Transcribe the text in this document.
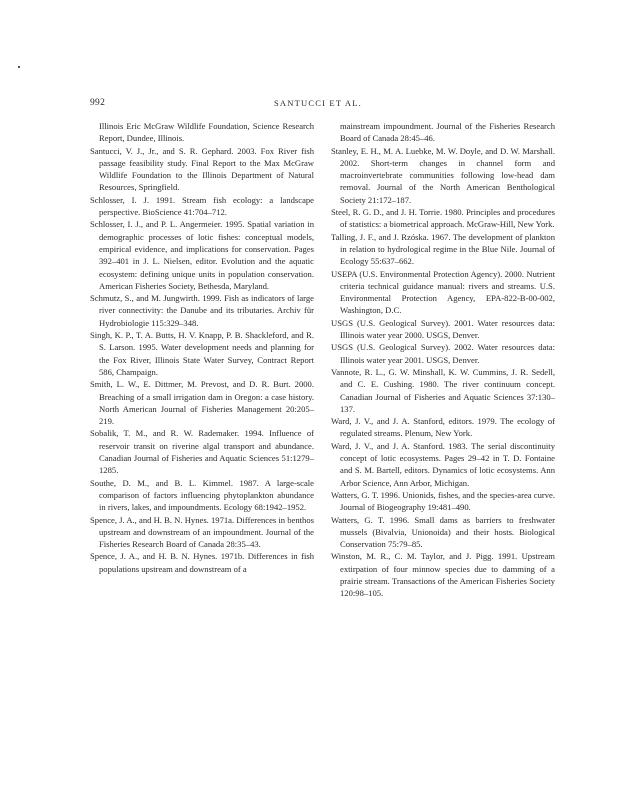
992	SANTUCCI ET AL.

Illinois Eric McGraw Wildlife Foundation, Science Research Report, Dundee, Illinois.

Santucci, V. J., Jr., and S. R. Gephard. 2003. Fox River fish passage feasibility study. Final Report to the Max McGraw Wildlife Foundation to the Illinois Department of Natural Resources, Springfield.

Schlosser, I. J. 1991. Stream fish ecology: a landscape perspective. BioScience 41:704–712.

Schlosser, I. J., and P. L. Angermeier. 1995. Spatial variation in demographic processes of lotic fishes: conceptual models, empirical evidence, and implications for conservation. Pages 392–401 in J. L. Nielsen, editor. Evolution and the aquatic ecosystem: defining unique units in population conservation. American Fisheries Society, Bethesda, Maryland.

Schmutz, S., and M. Jungwirth. 1999. Fish as indicators of large river connectivity: the Danube and its tributaries. Archiv für Hydrobiologie 115:329–348.

Singh, K. P., T. A. Butts, H. V. Knapp, P. B. Shackleford, and R. S. Larson. 1995. Water development needs and planning for the Fox River, Illinois State Water Survey, Contract Report 586, Champaign.

Smith, L. W., E. Dittmer, M. Prevost, and D. R. Burt. 2000. Breaching of a small irrigation dam in Oregon: a case history. North American Journal of Fisheries Management 20:205–219.

Sobalik, T. M., and R. W. Rademaker. 1994. Influence of reservoir transit on riverine algal transport and abundance. Canadian Journal of Fisheries and Aquatic Sciences 51:1279–1285.

Southe, D. M., and B. L. Kimmel. 1987. A large-scale comparison of factors influencing phytoplankton abundance in rivers, lakes, and impoundments. Ecology 68:1942–1952.

Spence, J. A., and H. B. N. Hynes. 1971a. Differences in benthos upstream and downstream of an impoundment. Journal of the Fisheries Research Board of Canada 28:35–43.

Spence, J. A., and H. B. N. Hynes. 1971b. Differences in fish populations upstream and downstream of a

mainstream impoundment. Journal of the Fisheries Research Board of Canada 28:45–46.

Stanley, E. H., M. A. Luebke, M. W. Doyle, and D. W. Marshall. 2002. Short-term changes in channel form and macroinvertebrate communities following low-head dam removal. Journal of the North American Benthological Society 21:172–187.

Steel, R. G. D., and J. H. Torrie. 1980. Principles and procedures of statistics: a biometrical approach. McGraw-Hill, New York.

Talling, J. F., and J. Rzóska. 1967. The development of plankton in relation to hydrological regime in the Blue Nile. Journal of Ecology 55:637–662.

USEPA (U.S. Environmental Protection Agency). 2000. Nutrient criteria technical guidance manual: rivers and streams. U.S. Environmental Protection Agency, EPA-822-B-00-002, Washington, D.C.

USGS (U.S. Geological Survey). 2001. Water resources data: Illinois water year 2000. USGS, Denver.

USGS (U.S. Geological Survey). 2002. Water resources data: Illinois water year 2001. USGS, Denver.

Vannote, R. L., G. W. Minshall, K. W. Cummins, J. R. Sedell, and C. E. Cushing. 1980. The river continuum concept. Canadian Journal of Fisheries and Aquatic Sciences 37:130–137.

Ward, J. V., and J. A. Stanford, editors. 1979. The ecology of regulated streams. Plenum, New York.

Ward, J. V., and J. A. Stanford. 1983. The serial discontinuity concept of lotic ecosystems. Pages 29–42 in T. D. Fontaine and S. M. Bartell, editors. Dynamics of lotic ecosystems. Ann Arbor Science, Ann Arbor, Michigan.

Watters, G. T. 1996. Unionids, fishes, and the species-area curve. Journal of Biogeography 19:481–490.

Watters, G. T. 1996. Small dams as barriers to freshwater mussels (Bivalvia, Unionoida) and their hosts. Biological Conservation 75:79–85.

Winston, M. R., C. M. Taylor, and J. Pigg. 1991. Upstream extirpation of four minnow species due to damming of a prairie stream. Transactions of the American Fisheries Society 120:98–105.
